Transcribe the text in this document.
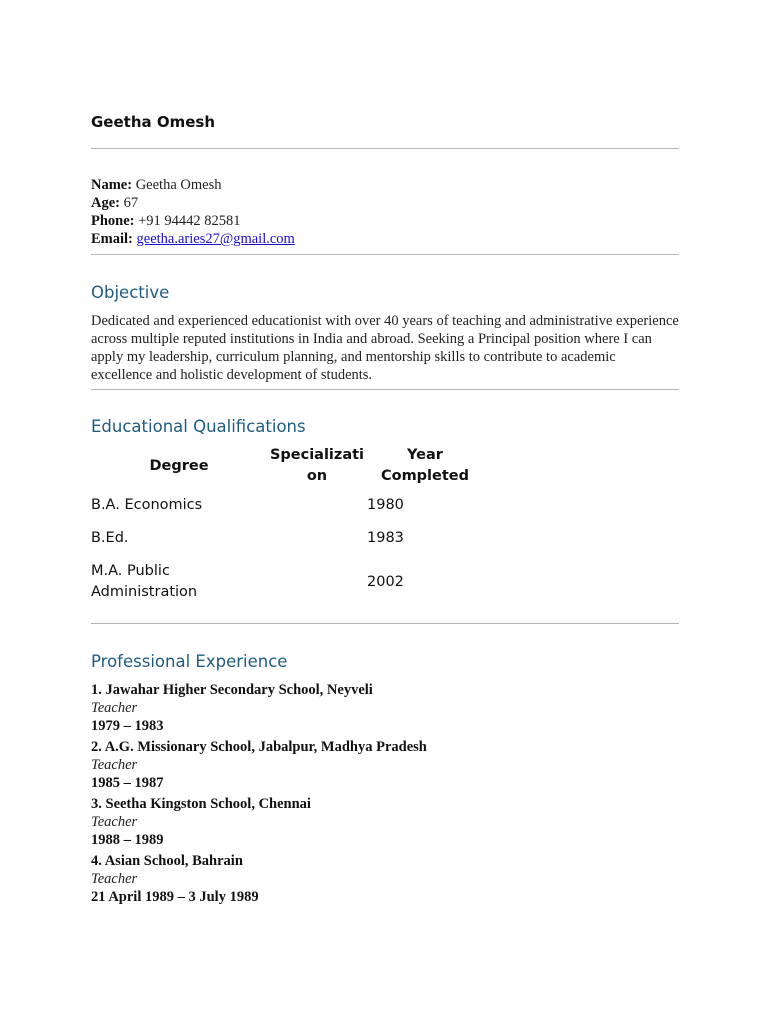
Geetha Omesh
Name: Geetha Omesh
Age: 67
Phone: +91 94442 82581
Email: geetha.aries27@gmail.com
Objective

Dedicated and experienced educationist with over 40 years of teaching and administrative experience across multiple reputed institutions in India and abroad. Seeking a Principal position where I can apply my leadership, curriculum planning, and mentorship skills to contribute to academic excellence and holistic development of students.

Educational Qualifications
Degree	Specialization	Year Completed
B.A. Economics		1980
B.Ed.		1983
M.A. Public Administration		2002
Professional Experience
1. Jawahar Higher Secondary School, Neyveli
Teacher
1979 – 1983
2. A.G. Missionary School, Jabalpur, Madhya Pradesh
Teacher
1985 – 1987
3. Seetha Kingston School, Chennai
Teacher
1988 – 1989
4. Asian School, Bahrain
Teacher
21 April 1989 – 3 July 1989
